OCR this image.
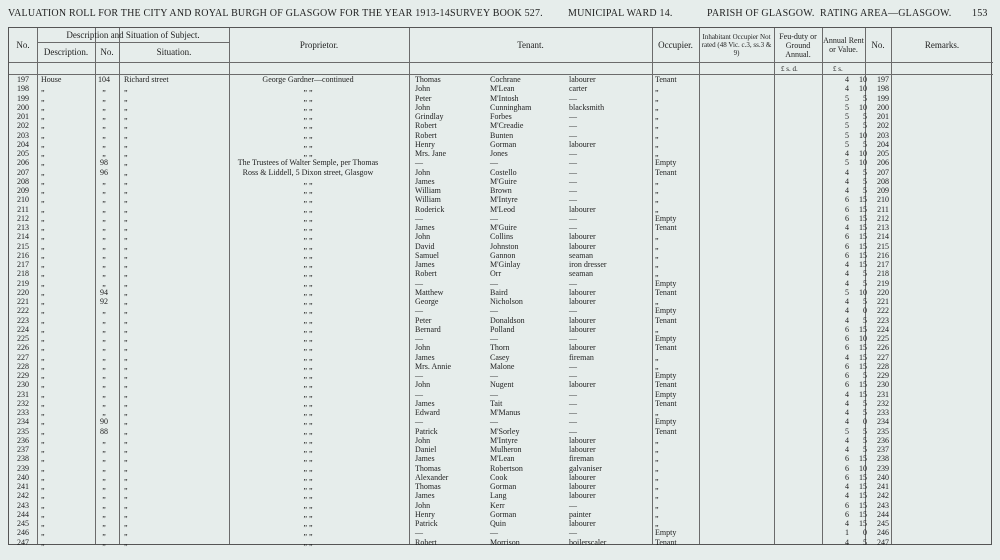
VALUATION ROLL FOR THE CITY AND ROYAL BURGH OF GLASGOW FOR THE YEAR 1913-14.
SURVEY BOOK 527.	MUNICIPAL WARD 14.	PARISH OF GLASGOW. RATING AREA—GLASGOW. 153
No.
Description and Situation of Subject.
Description.	No.	Situation.
Proprietor.	Tenant.	Occupier.
Inhabitant Occupier Not rated (48 Vic. c.3, ss.3 & 9)
Feu-duty or Ground Annual.
Annual Rent or Value.	No.	Remarks.
£ s. d.	£ s.
197	House	104	Richard street	George Gardner—continued	Thomas	Cochrane	labourer	Tenant	4	10	197
198	„	„	„	„ „	John	M'Lean	carter	„	4	10	198
199	„	„	„	„ „	Peter	M'Intosh	—	„	5	5	199
200	„	„	„	„ „	John	Cunningham	blacksmith	„	5	10	200
201	„	„	„	„ „	Grindlay	Forbes	—	„	5	5	201
202	„	„	„	„ „	Robert	M'Creadie	—	„	5	5	202
203	„	„	„	„ „	Robert	Bunten	—	„	5	10	203
204	„	„	„	„ „	Henry	Gorman	labourer	„	5	5	204
205	„	„	„	„ „	Mrs. Jane	Jones	—	„	4	10	205
206	„	98	„	The Trustees of Walter Semple, per Thomas	—	—	—	Empty	5	10	206
207	„	96	„	Ross & Liddell, 5 Dixon street, Glasgow	John	Costello	—	Tenant	4	5	207
208	„	„	„	„ „	James	M'Guire	—	„	4	5	208
209	„	„	„	„ „	William	Brown	—	„	4	5	209
210	„	„	„	„ „	William	M'Intyre	—	„	6	15	210
211	„	„	„	„ „	Roderick	M'Leod	labourer	„	6	15	211
212	„	„	„	„ „	—	—	—	Empty	6	15	212
213	„	„	„	„ „	James	M'Guire	—	Tenant	4	15	213
214	„	„	„	„ „	John	Collins	labourer	„	6	15	214
215	„	„	„	„ „	David	Johnston	labourer	„	6	15	215
216	„	„	„	„ „	Samuel	Gannon	seaman	„	6	15	216
217	„	„	„	„ „	James	M'Ginlay	iron dresser	„	4	15	217
218	„	„	„	„ „	Robert	Orr	seaman	„	4	5	218
219	„	„	„	„ „	—	—	—	Empty	4	5	219
220	„	94	„	„ „	Matthew	Baird	labourer	Tenant	5	10	220
221	„	92	„	„ „	George	Nicholson	labourer	„	4	5	221
222	„	„	„	„ „	—	—	—	Empty	4	0	222
223	„	„	„	„ „	Peter	Donaldson	labourer	Tenant	4	5	223
224	„	„	„	„ „	Bernard	Polland	labourer	„	6	15	224
225	„	„	„	„ „	—	—	—	Empty	6	10	225
226	„	„	„	„ „	John	Thorn	labourer	Tenant	6	15	226
227	„	„	„	„ „	James	Casey	fireman	„	4	15	227
228	„	„	„	„ „	Mrs. Annie	Malone	—	„	6	15	228
229	„	„	„	„ „	—	—	—	Empty	6	5	229
230	„	„	„	„ „	John	Nugent	labourer	Tenant	6	15	230
231	„	„	„	„ „	—	—	—	Empty	4	15	231
232	„	„	„	„ „	James	Tait	—	Tenant	4	5	232
233	„	„	„	„ „	Edward	M'Manus	—	„	4	5	233
234	„	90	„	„ „	—	—	—	Empty	4	0	234
235	„	88	„	„ „	Patrick	M'Sorley	—	Tenant	5	5	235
236	„	„	„	„ „	John	M'Intyre	labourer	„	4	5	236
237	„	„	„	„ „	Daniel	Mulheron	labourer	„	4	5	237
238	„	„	„	„ „	James	M'Lean	fireman	„	6	15	238
239	„	„	„	„ „	Thomas	Robertson	galvaniser	„	6	10	239
240	„	„	„	„ „	Alexander	Cook	labourer	„	6	15	240
241	„	„	„	„ „	Thomas	Gorman	labourer	„	4	15	241
242	„	„	„	„ „	James	Lang	labourer	„	4	15	242
243	„	„	„	„ „	John	Kerr	—	„	6	15	243
244	„	„	„	„ „	Henry	Gorman	painter	„	6	15	244
245	„	„	„	„ „	Patrick	Quin	labourer	„	4	15	245
246	„	„	„	„ „	—	—	—	Empty	1	0	246
247	„	„	„	„ „	Robert	Morrison	boilerscaler	Tenant	4	5	247
